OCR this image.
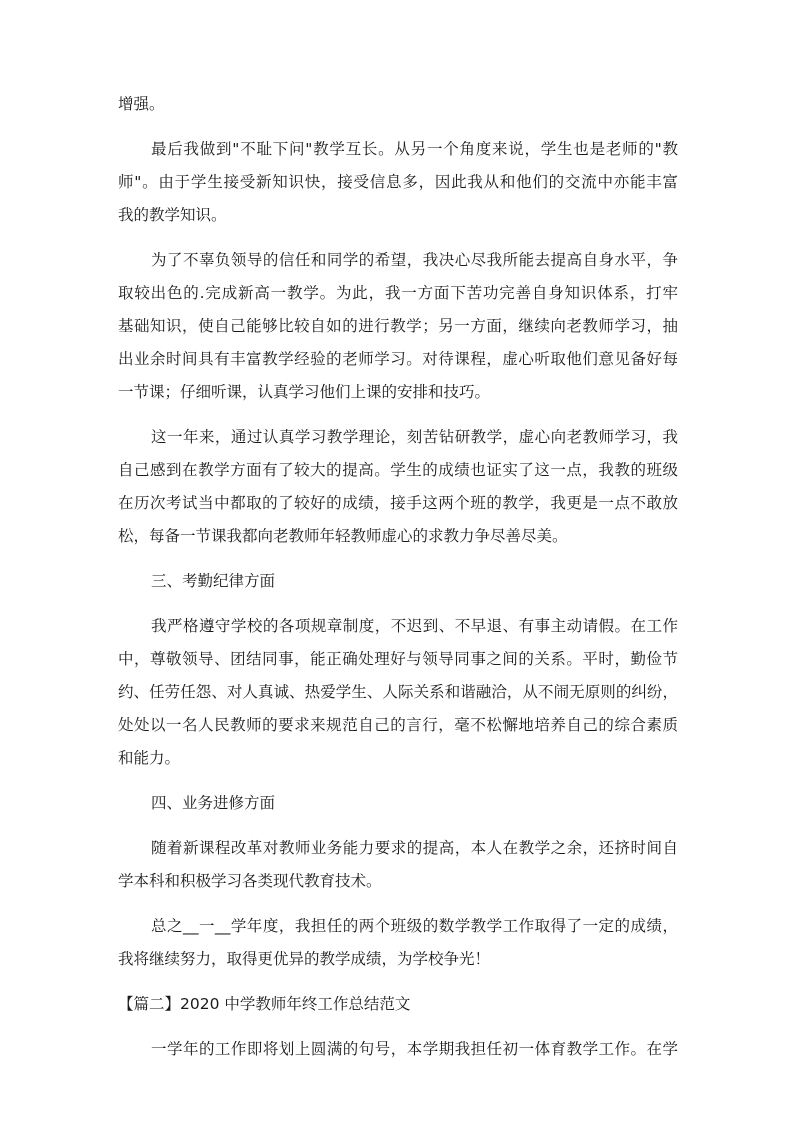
增强。

最后我做到"不耻下问"教学互长。从另一个角度来说，学生也是老师的"教

师"。由于学生接受新知识快，接受信息多，因此我从和他们的交流中亦能丰富

我的教学知识。

为了不辜负领导的信任和同学的希望，我决心尽我所能去提高自身水平，争

取较出色的.完成新高一教学。为此，我一方面下苦功完善自身知识体系，打牢

基础知识，使自己能够比较自如的进行教学；另一方面，继续向老教师学习，抽

出业余时间具有丰富教学经验的老师学习。对待课程，虚心听取他们意见备好每

一节课；仔细听课，认真学习他们上课的安排和技巧。

这一年来，通过认真学习教学理论，刻苦钻研教学，虚心向老教师学习，我

自己感到在教学方面有了较大的提高。学生的成绩也证实了这一点，我教的班级

在历次考试当中都取的了较好的成绩，接手这两个班的教学，我更是一点不敢放

松，每备一节课我都向老教师年轻教师虚心的求教力争尽善尽美。

三、考勤纪律方面

我严格遵守学校的各项规章制度，不迟到、不早退、有事主动请假。在工作

中，尊敬领导、团结同事，能正确处理好与领导同事之间的关系。平时，勤俭节

约、任劳任怨、对人真诚、热爱学生、人际关系和谐融洽，从不闹无原则的纠纷，

处处以一名人民教师的要求来规范自己的言行，毫不松懈地培养自己的综合素质

和能力。

四、业务进修方面

随着新课程改革对教师业务能力要求的提高，本人在教学之余，还挤时间自

学本科和积极学习各类现代教育技术。

总之__一__学年度，我担任的两个班级的数学教学工作取得了一定的成绩，

我将继续努力，取得更优异的教学成绩，为学校争光！

【篇二】2020 中学教师年终工作总结范文

一学年的工作即将划上圆满的句号，本学期我担任初一体育教学工作。在学
